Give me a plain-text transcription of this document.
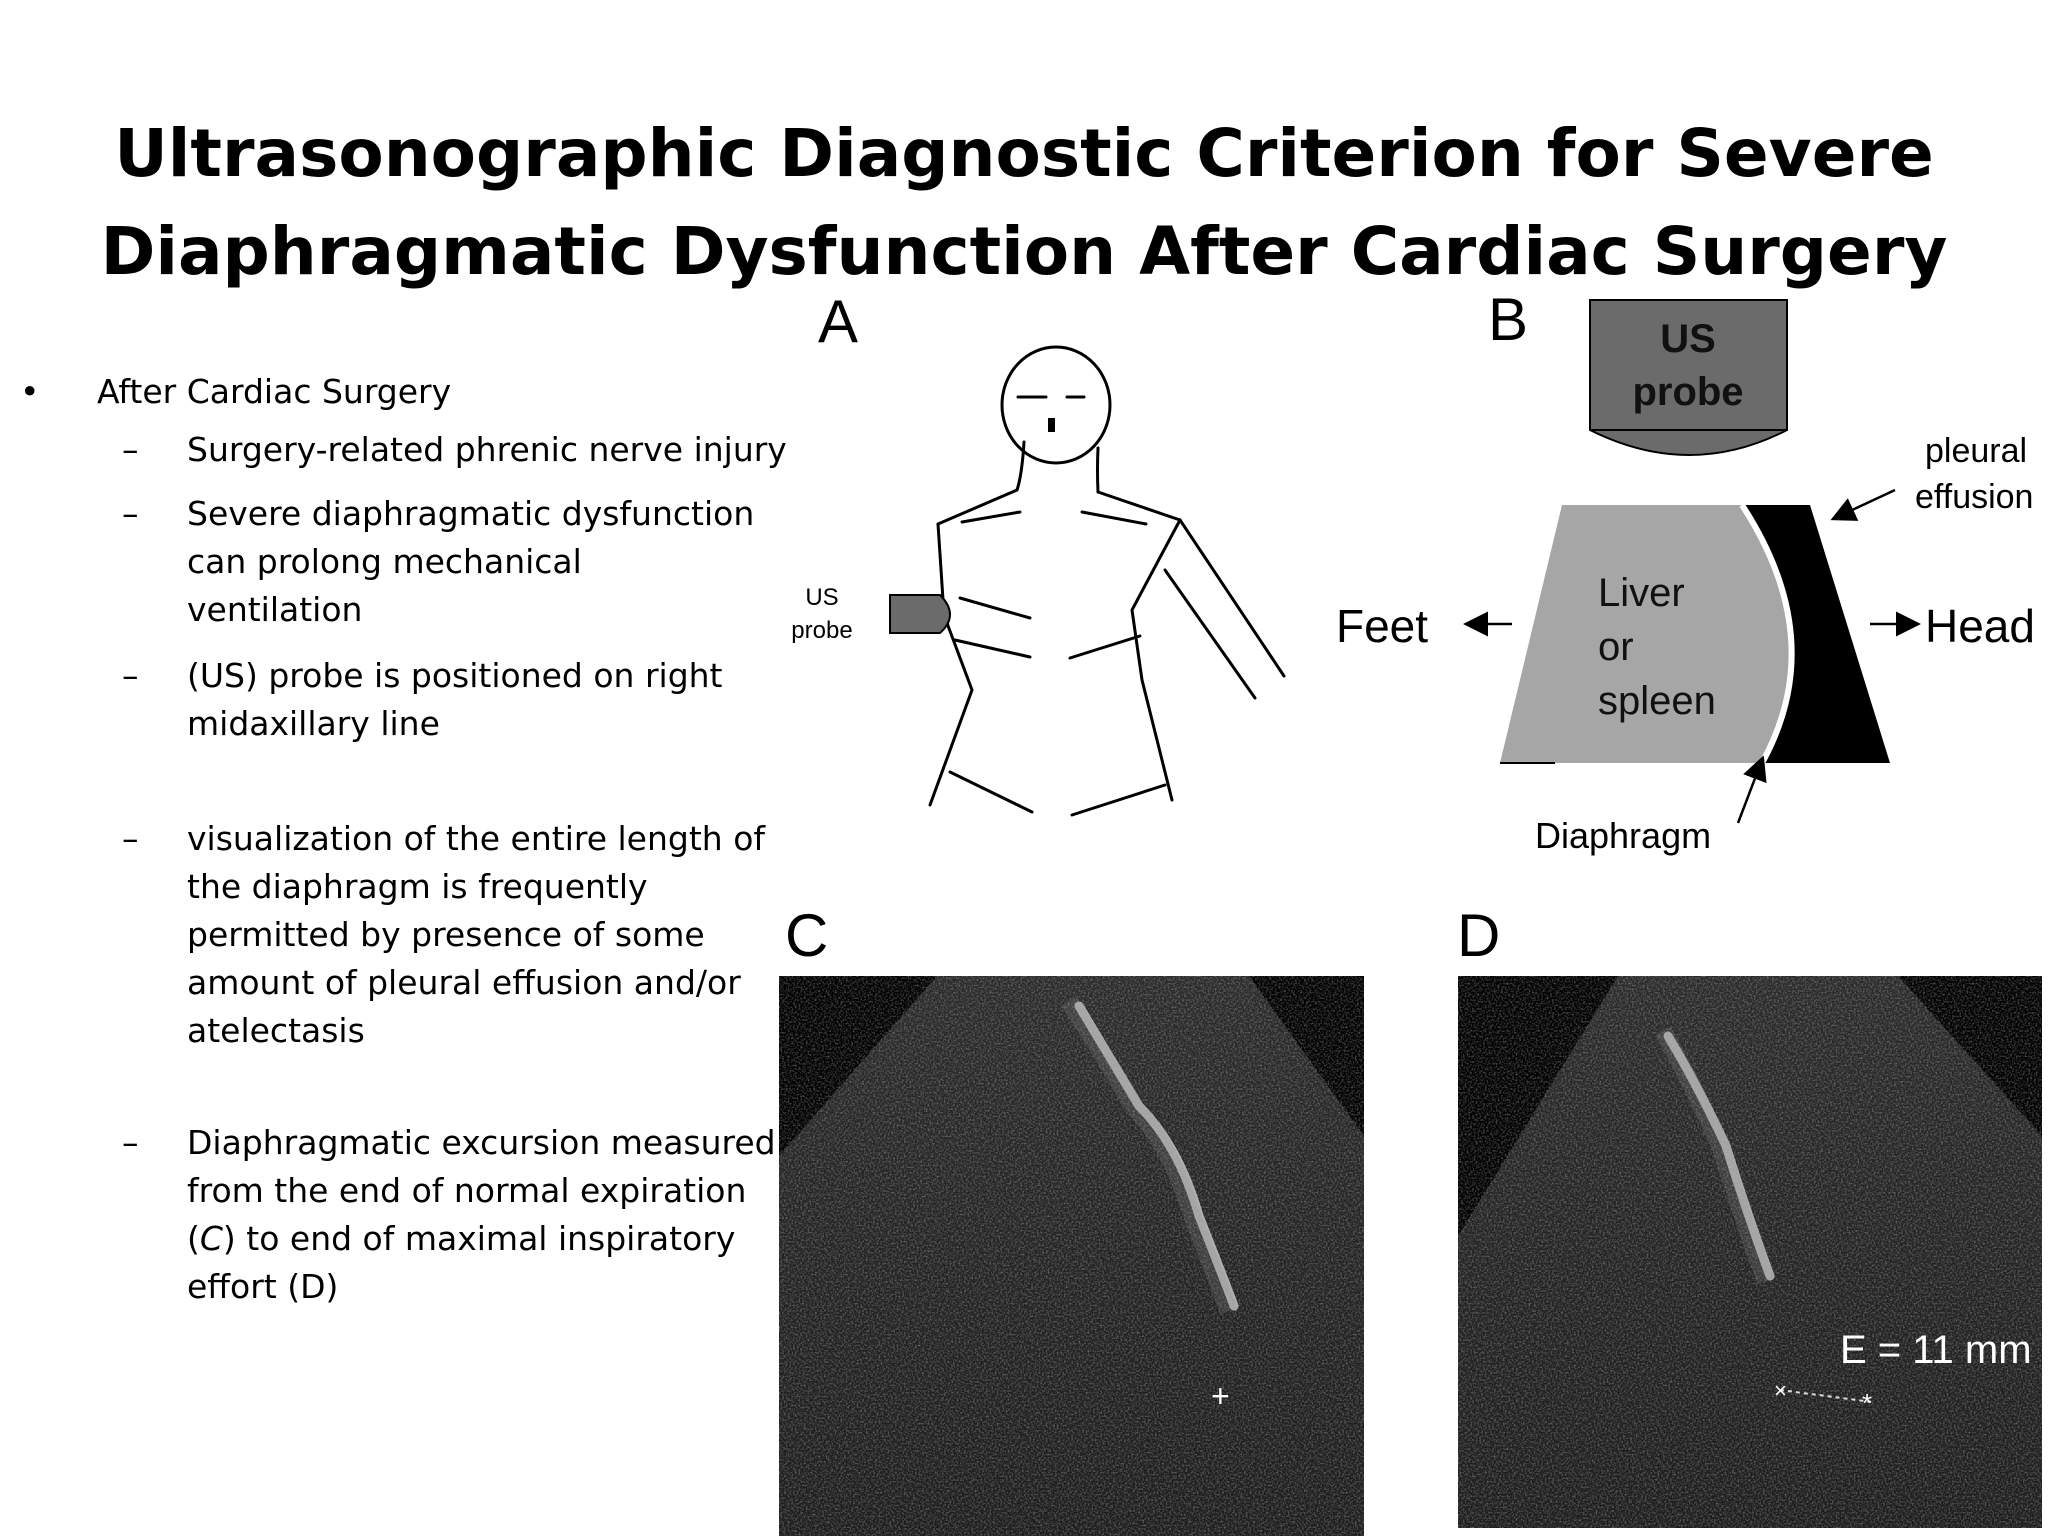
Ultrasonographic Diagnostic Criterion for Severe
Diaphragmatic Dysfunction After Cardiac Surgery
• After Cardiac Surgery
– Surgery-related phrenic nerve injury
– Severe diaphragmatic dysfunction can prolong mechanical ventilation
– (US) probe is positioned on right midaxillary line
– visualization of the entire length of the diaphragm is frequently permitted by presence of some amount of pleural effusion and/or atelectasis
– Diaphragmatic excursion measured from the end of normal expiration (C) to end of maximal inspiratory effort (D)
A	B
C	D
US
probe
US
probe
Liver
or
spleen
pleural
effusion
Feet	Head
Diaphragm
+	×	*
E = 11 mm
